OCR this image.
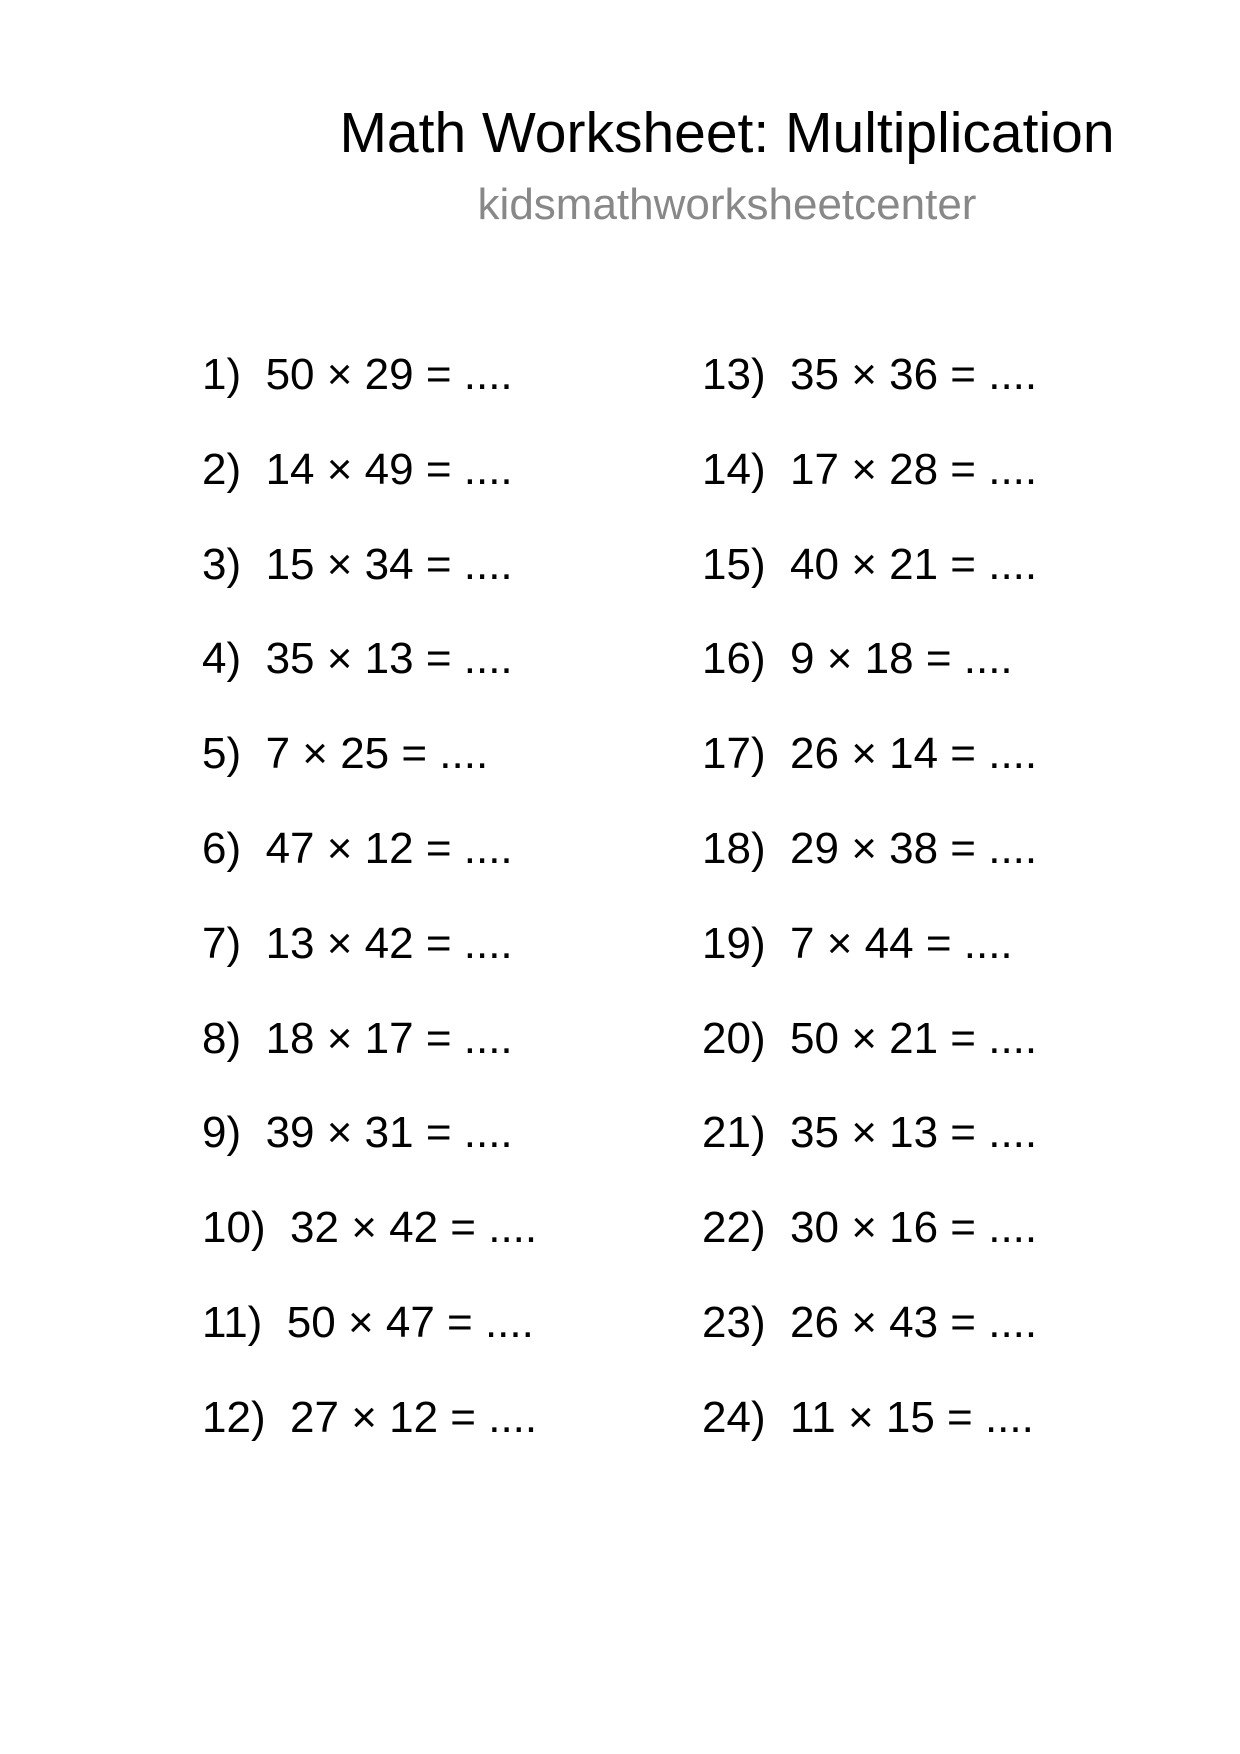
Math Worksheet: Multiplication
kidsmathworksheetcenter
1)  50 × 29 = ....
2)  14 × 49 = ....
3)  15 × 34 = ....
4)  35 × 13 = ....
5)  7 × 25 = ....
6)  47 × 12 = ....
7)  13 × 42 = ....
8)  18 × 17 = ....
9)  39 × 31 = ....
10)  32 × 42 = ....
11)  50 × 47 = ....
12)  27 × 12 = ....
13)  35 × 36 = ....
14)  17 × 28 = ....
15)  40 × 21 = ....
16)  9 × 18 = ....
17)  26 × 14 = ....
18)  29 × 38 = ....
19)  7 × 44 = ....
20)  50 × 21 = ....
21)  35 × 13 = ....
22)  30 × 16 = ....
23)  26 × 43 = ....
24)  11 × 15 = ....
